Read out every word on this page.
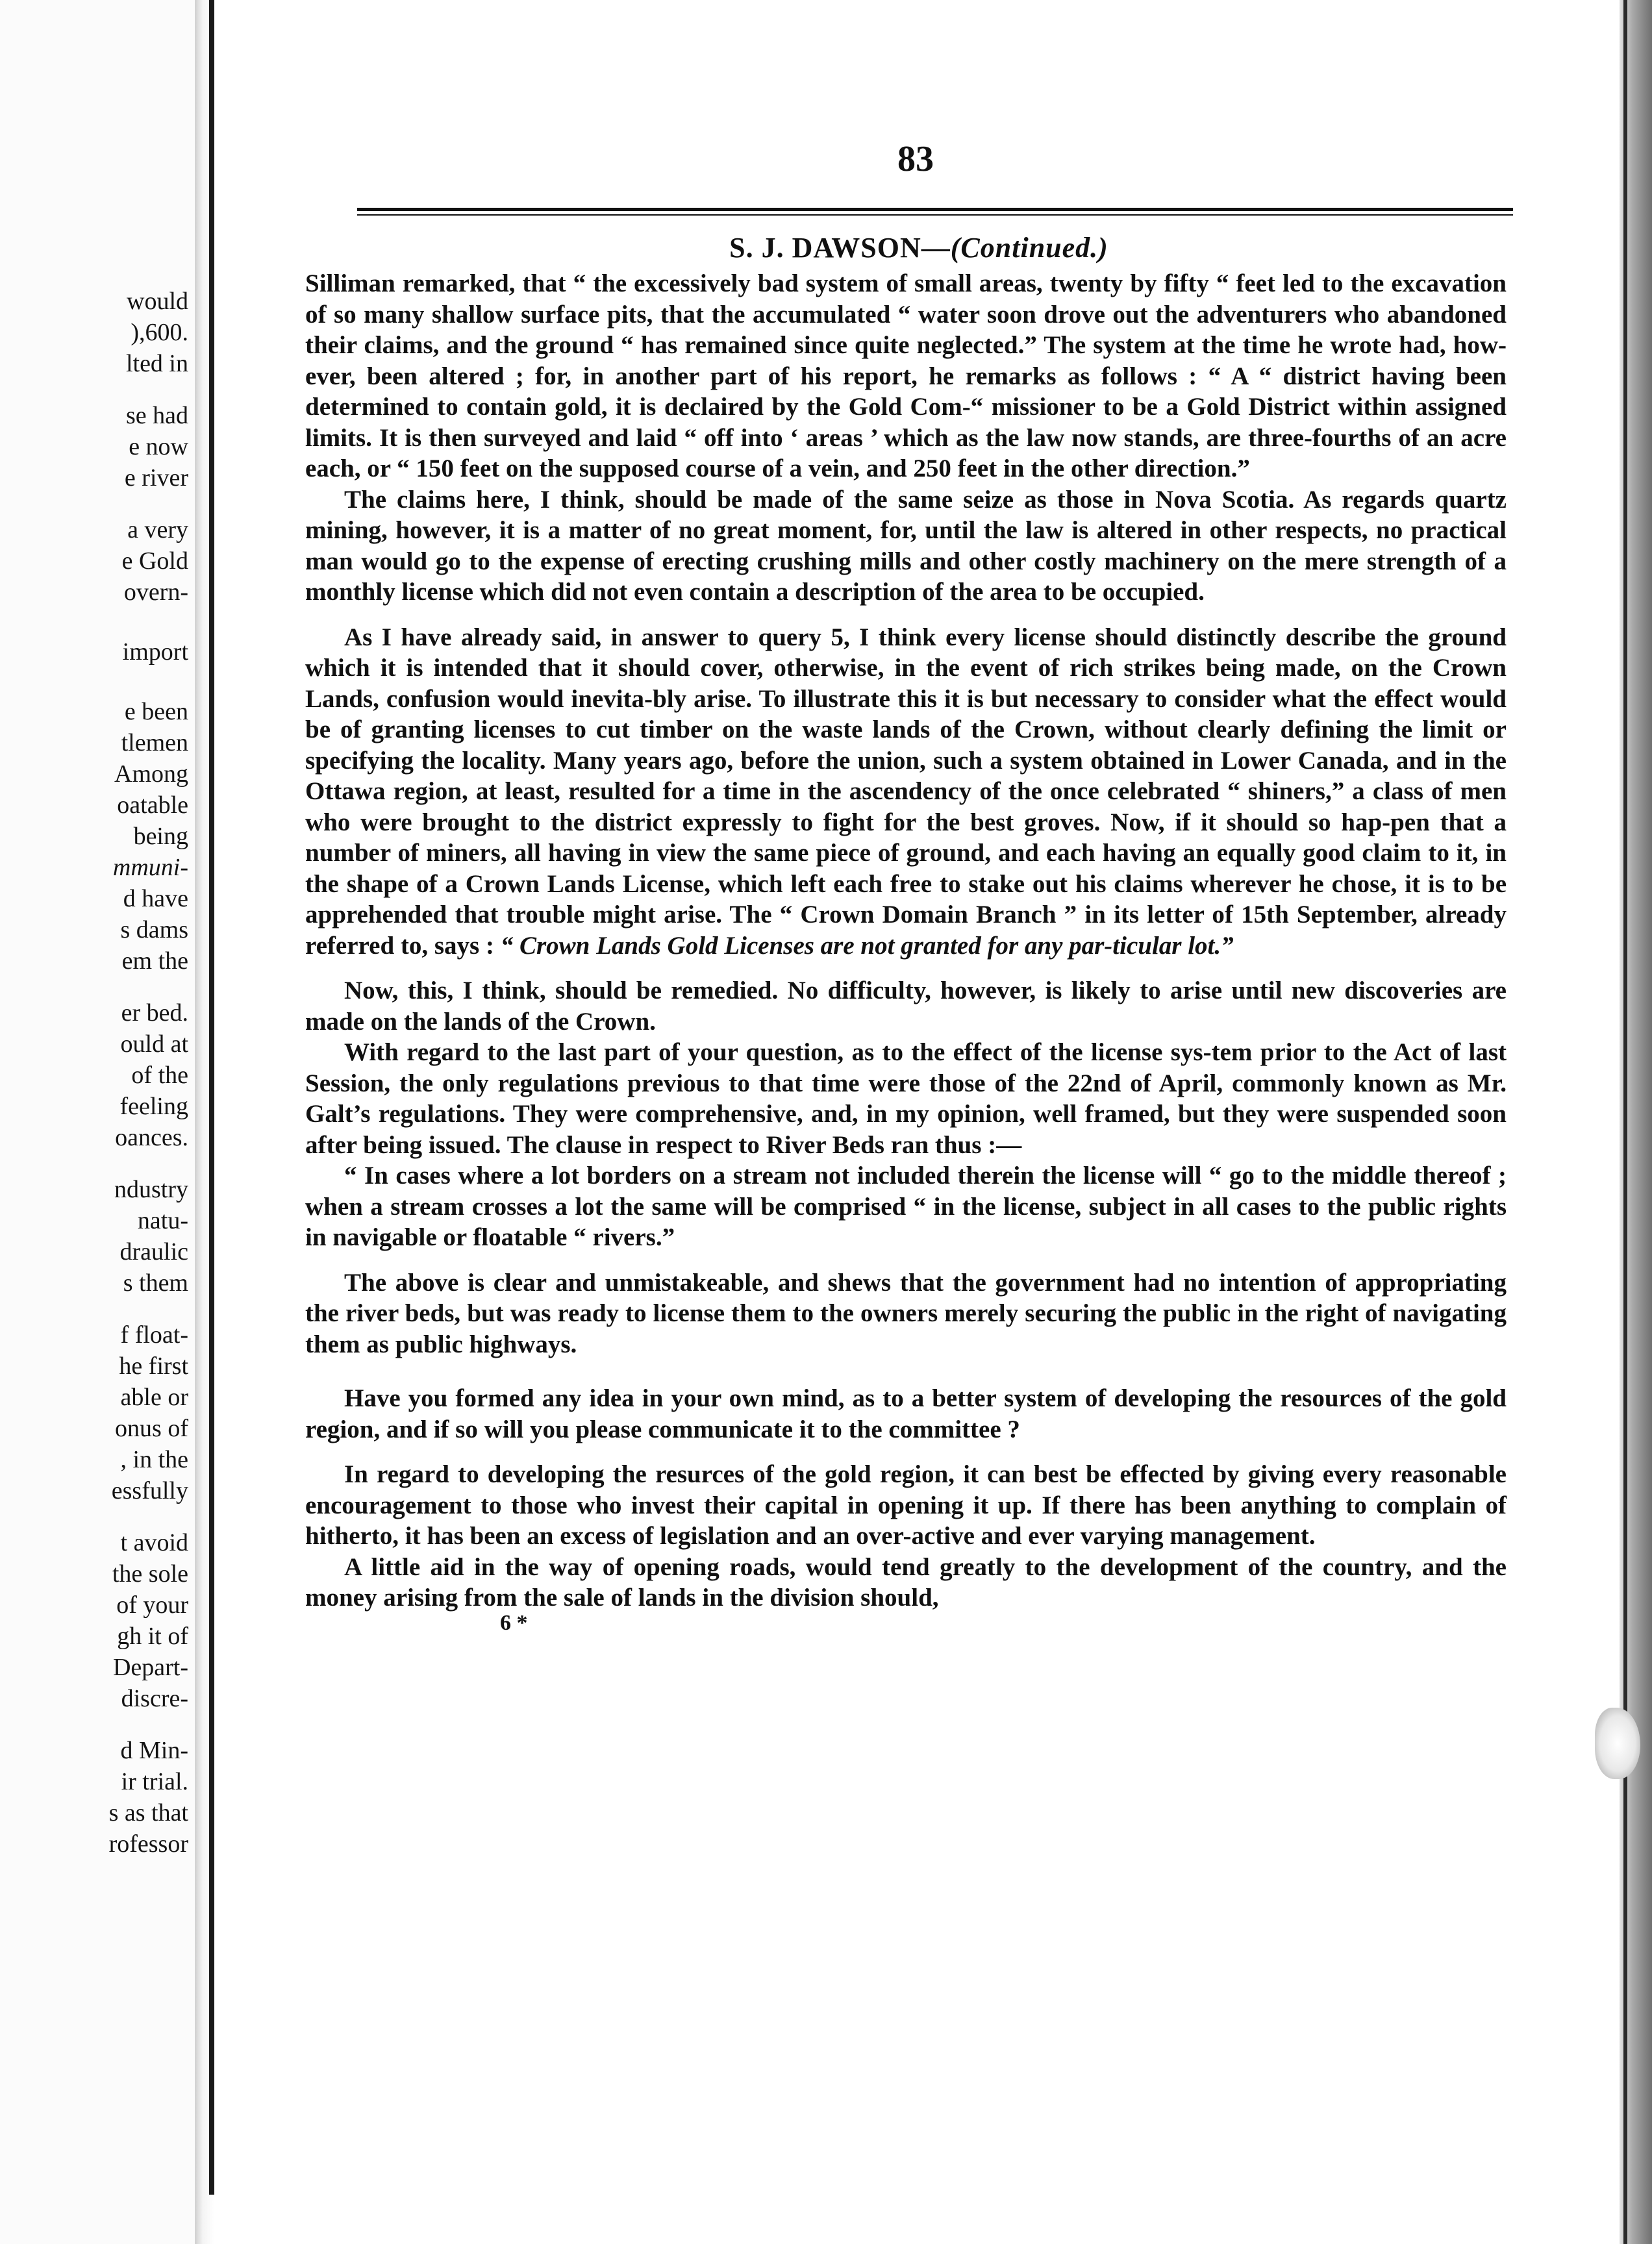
would
),600.
lted in
se had
e now
e river
a very
e Gold
overn-
import
e been
tlemen
Among
oatable
being
mmuni-
d have
s dams
em the
er bed.
ould at
of the
feeling
oances.
ndustry
natu-
draulic
s them
f float-
he first
able or
onus of
, in the
essfully
t avoid
the sole
of your
gh it of
Depart-
discre-
d Min-
ir trial.
s as that
rofessor
83
S. J. DAWSON—(Continued.)

Silliman remarked, that “ the excessively bad system of small areas, twenty by fifty “ feet led to the excavation of so many shallow surface pits, that the accumulated “ water soon drove out the adventurers who abandoned their claims, and the ground “ has remained since quite neglected.” The system at the time he wrote had, how-ever, been altered ; for, in another part of his report, he remarks as follows : “ A “ district having been determined to contain gold, it is declaired by the Gold Com-“ missioner to be a Gold District within assigned limits. It is then surveyed and laid “ off into ‘ areas ’ which as the law now stands, are three-fourths of an acre each, or “ 150 feet on the supposed course of a vein, and 250 feet in the other direction.”

The claims here, I think, should be made of the same seize as those in Nova Scotia. As regards quartz mining, however, it is a matter of no great moment, for, until the law is altered in other respects, no practical man would go to the expense of erecting crushing mills and other costly machinery on the mere strength of a monthly license which did not even contain a description of the area to be occupied.

As I have already said, in answer to query 5, I think every license should distinctly describe the ground which it is intended that it should cover, otherwise, in the event of rich strikes being made, on the Crown Lands, confusion would inevita-bly arise. To illustrate this it is but necessary to consider what the effect would be of granting licenses to cut timber on the waste lands of the Crown, without clearly defining the limit or specifying the locality. Many years ago, before the union, such a system obtained in Lower Canada, and in the Ottawa region, at least, resulted for a time in the ascendency of the once celebrated “ shiners,” a class of men who were brought to the district expressly to fight for the best groves. Now, if it should so hap-pen that a number of miners, all having in view the same piece of ground, and each having an equally good claim to it, in the shape of a Crown Lands License, which left each free to stake out his claims wherever he chose, it is to be apprehended that trouble might arise. The “ Crown Domain Branch ” in its letter of 15th September, already referred to, says : “ Crown Lands Gold Licenses are not granted for any par-ticular lot.”

Now, this, I think, should be remedied. No difficulty, however, is likely to arise until new discoveries are made on the lands of the Crown.

With regard to the last part of your question, as to the effect of the license sys-tem prior to the Act of last Session, the only regulations previous to that time were those of the 22nd of April, commonly known as Mr. Galt’s regulations. They were comprehensive, and, in my opinion, well framed, but they were suspended soon after being issued. The clause in respect to River Beds ran thus :—

“ In cases where a lot borders on a stream not included therein the license will “ go to the middle thereof ; when a stream crosses a lot the same will be comprised “ in the license, subject in all cases to the public rights in navigable or floatable “ rivers.”

The above is clear and unmistakeable, and shews that the government had no intention of appropriating the river beds, but was ready to license them to the owners merely securing the public in the right of navigating them as public highways.

Have you formed any idea in your own mind, as to a better system of developing the resources of the gold region, and if so will you please communicate it to the committee ?

In regard to developing the resurces of the gold region, it can best be effected by giving every reasonable encouragement to those who invest their capital in opening it up. If there has been anything to complain of hitherto, it has been an excess of legislation and an over-active and ever varying management.

A little aid in the way of opening roads, would tend greatly to the development of the country, and the money arising from the sale of lands in the division should,

6 *
